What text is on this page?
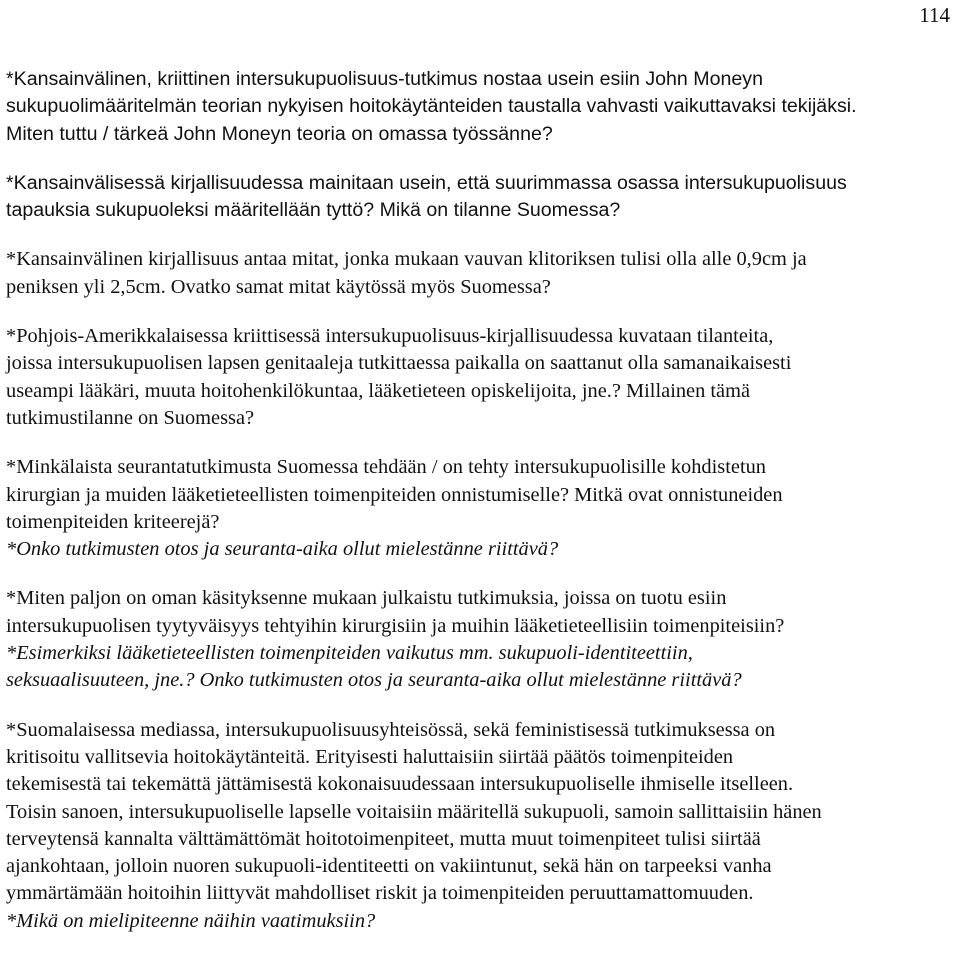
114

*Kansainvälinen, kriittinen intersukupuolisuus-tutkimus nostaa usein esiin John Moneyn
sukupuolimääritelmän teorian nykyisen hoitokäytänteiden taustalla vahvasti vaikuttavaksi tekijäksi.
Miten tuttu / tärkeä John Moneyn teoria on omassa työssänne?

*Kansainvälisessä kirjallisuudessa mainitaan usein, että suurimmassa osassa intersukupuolisuus
tapauksia sukupuoleksi määritellään tyttö? Mikä on tilanne Suomessa?

*Kansainvälinen kirjallisuus antaa mitat, jonka mukaan vauvan klitoriksen tulisi olla alle 0,9cm ja
peniksen yli 2,5cm. Ovatko samat mitat käytössä myös Suomessa?

*Pohjois-Amerikkalaisessa kriittisessä intersukupuolisuus-kirjallisuudessa kuvataan tilanteita,
joissa intersukupuolisen lapsen genitaaleja tutkittaessa paikalla on saattanut olla samanaikaisesti
useampi lääkäri, muuta hoitohenkilökuntaa, lääketieteen opiskelijoita, jne.? Millainen tämä
tutkimustilanne on Suomessa?

*Minkälaista seurantatutkimusta Suomessa tehdään / on tehty intersukupuolisille kohdistetun
kirurgian ja muiden lääketieteellisten toimenpiteiden onnistumiselle? Mitkä ovat onnistuneiden
toimenpiteiden kriteerejä?
*Onko tutkimusten otos ja seuranta-aika ollut mielestänne riittävä?

*Miten paljon on oman käsityksenne mukaan julkaistu tutkimuksia, joissa on tuotu esiin
intersukupuolisen tyytyväisyys tehtyihin kirurgisiin ja muihin lääketieteellisiin toimenpiteisiin?
*Esimerkiksi lääketieteellisten toimenpiteiden vaikutus mm. sukupuoli-identiteettiin,
seksuaalisuuteen, jne.? Onko tutkimusten otos ja seuranta-aika ollut mielestänne riittävä?

*Suomalaisessa mediassa, intersukupuolisuusyhteisössä, sekä feministisessä tutkimuksessa on
kritisoitu vallitsevia hoitokäytänteitä. Erityisesti haluttaisiin siirtää päätös toimenpiteiden
tekemisestä tai tekemättä jättämisestä kokonaisuudessaan intersukupuoliselle ihmiselle itselleen.
Toisin sanoen, intersukupuoliselle lapselle voitaisiin määritellä sukupuoli, samoin sallittaisiin hänen
terveytensä kannalta välttämättömät hoitotoimenpiteet, mutta muut toimenpiteet tulisi siirtää
ajankohtaan, jolloin nuoren sukupuoli-identiteetti on vakiintunut, sekä hän on tarpeeksi vanha
ymmärtämään hoitoihin liittyvät mahdolliset riskit ja toimenpiteiden peruuttamattomuuden.
*Mikä on mielipiteenne näihin vaatimuksiin?
